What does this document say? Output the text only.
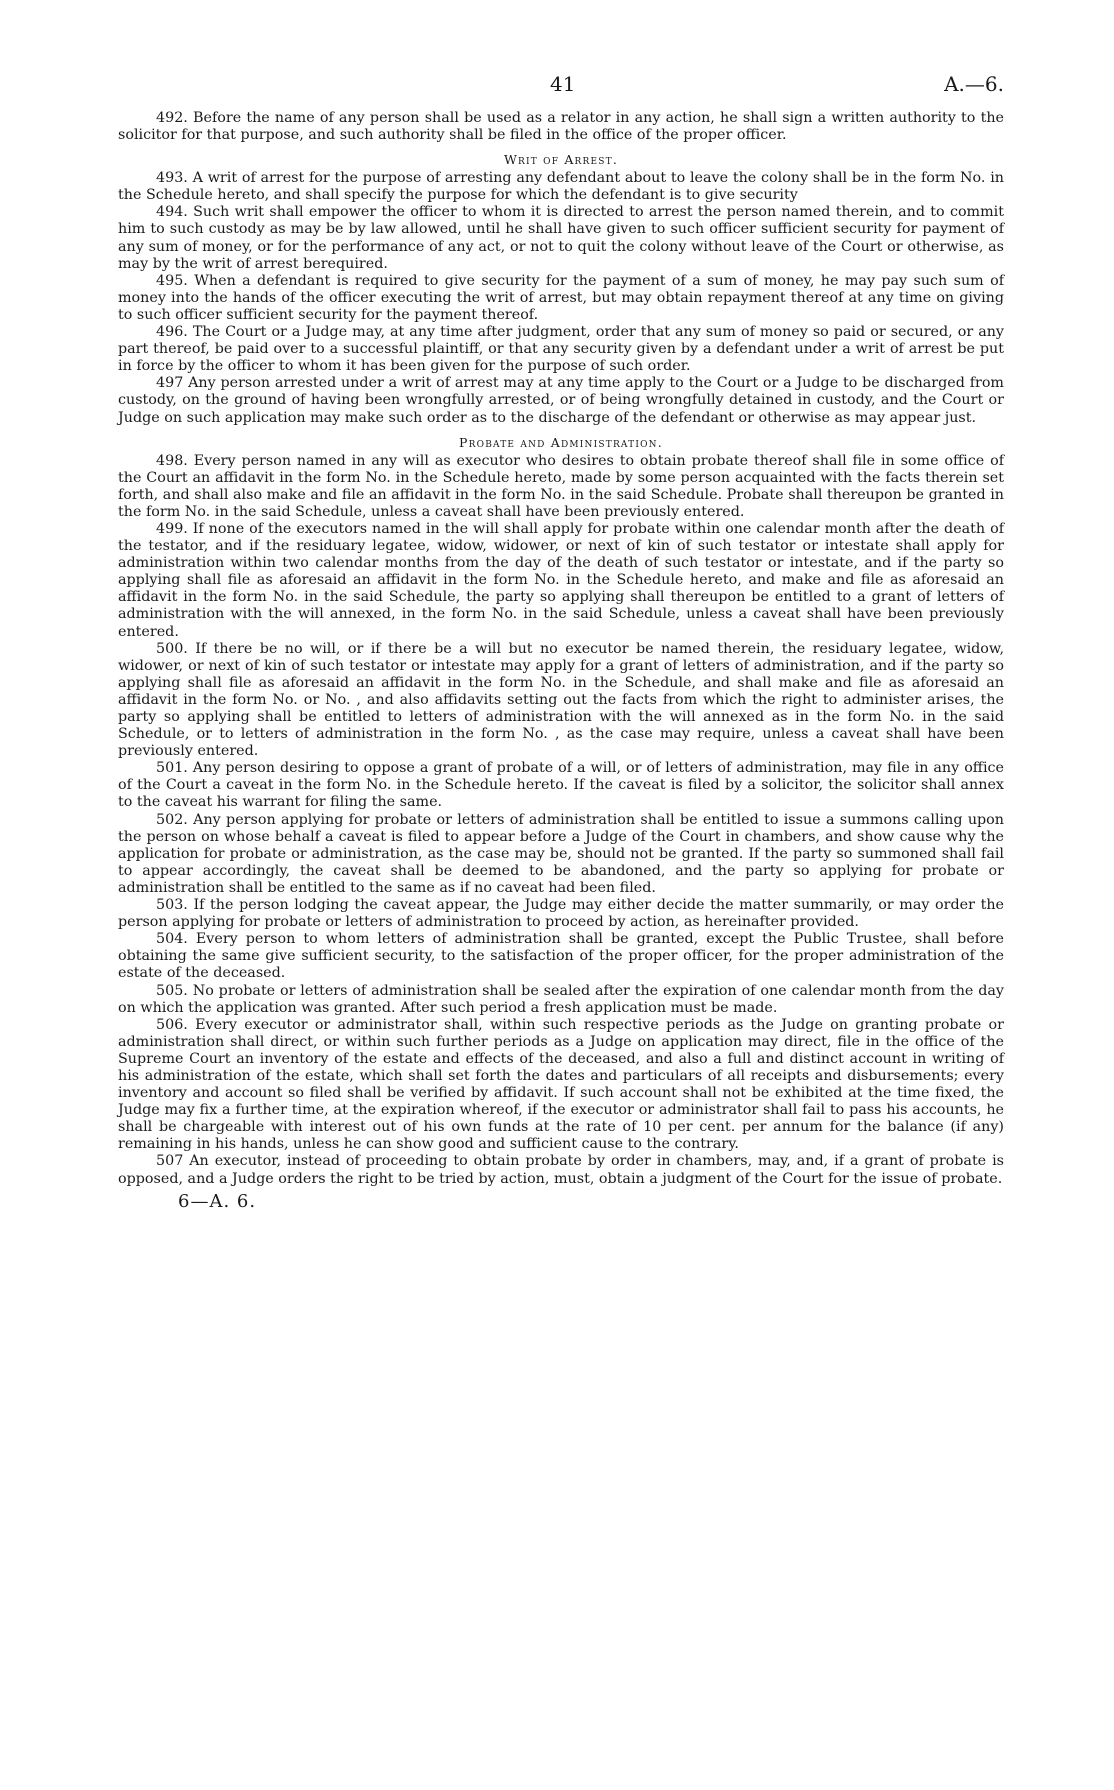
41	A.—6.

492. Before the name of any person shall be used as a relator in any action, he shall sign a written authority to the solicitor for that purpose, and such authority shall be filed in the office of the proper officer.

Writ of Arrest.

493. A writ of arrest for the purpose of arresting any defendant about to leave the colony shall be in the form No. in the Schedule hereto, and shall specify the purpose for which the defendant is to give security

494. Such writ shall empower the officer to whom it is directed to arrest the person named therein, and to commit him to such custody as may be by law allowed, until he shall have given to such officer sufficient security for payment of any sum of money, or for the performance of any act, or not to quit the colony without leave of the Court or otherwise, as may by the writ of arrest berequired.

495. When a defendant is required to give security for the payment of a sum of money, he may pay such sum of money into the hands of the officer executing the writ of arrest, but may obtain repayment thereof at any time on giving to such officer sufficient security for the payment thereof.

496. The Court or a Judge may, at any time after judgment, order that any sum of money so paid or secured, or any part thereof, be paid over to a successful plaintiff, or that any security given by a defendant under a writ of arrest be put in force by the officer to whom it has been given for the purpose of such order.

497 Any person arrested under a writ of arrest may at any time apply to the Court or a Judge to be discharged from custody, on the ground of having been wrongfully arrested, or of being wrongfully detained in custody, and the Court or Judge on such application may make such order as to the discharge of the defendant or otherwise as may appear just.

Probate and Administration.

498. Every person named in any will as executor who desires to obtain probate thereof shall file in some office of the Court an affidavit in the form No. in the Schedule hereto, made by some person acquainted with the facts therein set forth, and shall also make and file an affidavit in the form No. in the said Schedule. Probate shall thereupon be granted in the form No. in the said Schedule, unless a caveat shall have been previously entered.

499. If none of the executors named in the will shall apply for probate within one calendar month after the death of the testator, and if the residuary legatee, widow, widower, or next of kin of such testator or intestate shall apply for administration within two calendar months from the day of the death of such testator or intestate, and if the party so applying shall file as aforesaid an affidavit in the form No. in the Schedule hereto, and make and file as aforesaid an affidavit in the form No. in the said Schedule, the party so applying shall thereupon be entitled to a grant of letters of administration with the will annexed, in the form No. in the said Schedule, unless a caveat shall have been previously entered.

500. If there be no will, or if there be a will but no executor be named therein, the residuary legatee, widow, widower, or next of kin of such testator or intestate may apply for a grant of letters of administration, and if the party so applying shall file as aforesaid an affidavit in the form No. in the Schedule, and shall make and file as aforesaid an affidavit in the form No. or No. , and also affidavits setting out the facts from which the right to administer arises, the party so applying shall be entitled to letters of administration with the will annexed as in the form No. in the said Schedule, or to letters of administration in the form No. , as the case may require, unless a caveat shall have been previously entered.

501. Any person desiring to oppose a grant of probate of a will, or of letters of administration, may file in any office of the Court a caveat in the form No. in the Schedule hereto. If the caveat is filed by a solicitor, the solicitor shall annex to the caveat his warrant for filing the same.

502. Any person applying for probate or letters of administration shall be entitled to issue a summons calling upon the person on whose behalf a caveat is filed to appear before a Judge of the Court in chambers, and show cause why the application for probate or administration, as the case may be, should not be granted. If the party so summoned shall fail to appear accordingly, the caveat shall be deemed to be abandoned, and the party so applying for probate or administration shall be entitled to the same as if no caveat had been filed.

503. If the person lodging the caveat appear, the Judge may either decide the matter summarily, or may order the person applying for probate or letters of administration to proceed by action, as hereinafter provided.

504. Every person to whom letters of administration shall be granted, except the Public Trustee, shall before obtaining the same give sufficient security, to the satisfaction of the proper officer, for the proper administration of the estate of the deceased.

505. No probate or letters of administration shall be sealed after the expiration of one calendar month from the day on which the application was granted. After such period a fresh application must be made.

506. Every executor or administrator shall, within such respective periods as the Judge on granting probate or administration shall direct, or within such further periods as a Judge on application may direct, file in the office of the Supreme Court an inventory of the estate and effects of the deceased, and also a full and distinct account in writing of his administration of the estate, which shall set forth the dates and particulars of all receipts and disbursements; every inventory and account so filed shall be verified by affidavit. If such account shall not be exhibited at the time fixed, the Judge may fix a further time, at the expiration whereof, if the executor or administrator shall fail to pass his accounts, he shall be chargeable with interest out of his own funds at the rate of 10 per cent. per annum for the balance (if any) remaining in his hands, unless he can show good and sufficient cause to the contrary.

507 An executor, instead of proceeding to obtain probate by order in chambers, may, and, if a grant of probate is opposed, and a Judge orders the right to be tried by action, must, obtain a judgment of the Court for the issue of probate.

6—A. 6.
